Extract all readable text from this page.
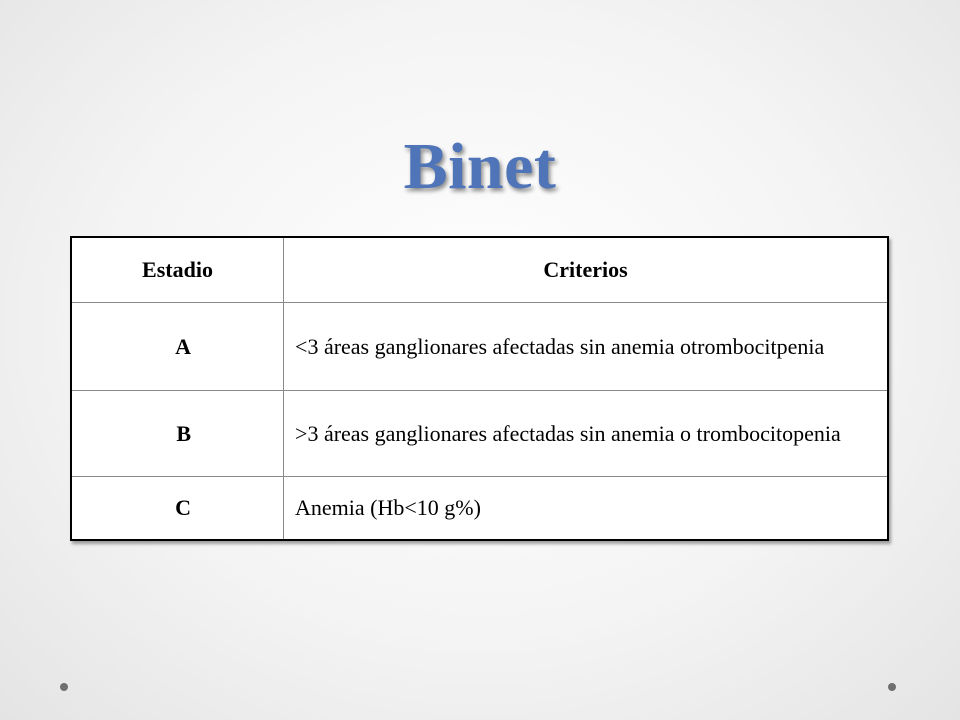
Binet
Estadio	Criterios
A	<3 áreas ganglionares afectadas sin anemia otrombocitpenia
B	>3 áreas ganglionares afectadas sin anemia o trombocitopenia
C	Anemia (Hb<10 g%)
